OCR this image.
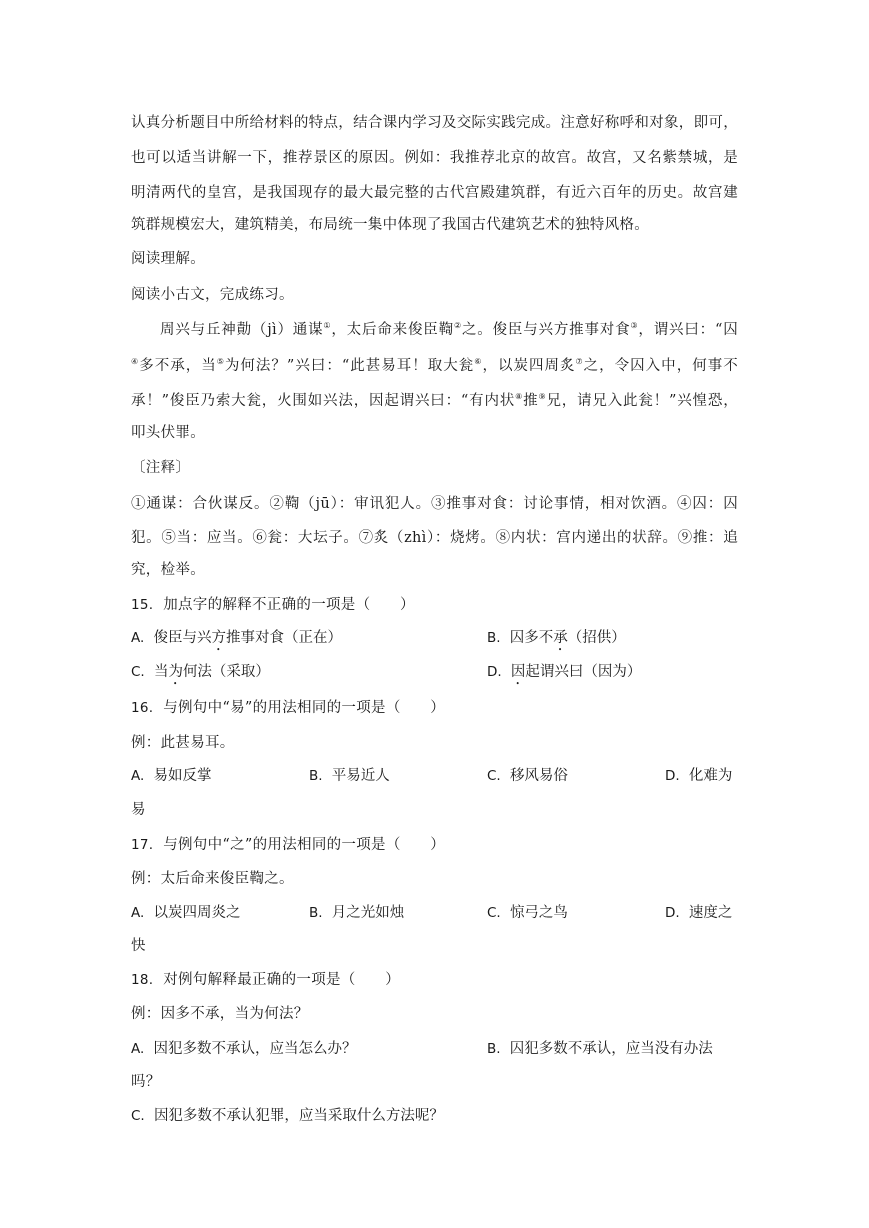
认真分析题目中所给材料的特点，结合课内学习及交际实践完成。注意好称呼和对象，即可，
也可以适当讲解一下，推荐景区的原因。例如：我推荐北京的故宫。故宫，又名紫禁城，是
明清两代的皇宫，是我国现存的最大最完整的古代宫殿建筑群，有近六百年的历史。故宫建
筑群规模宏大，建筑精美，布局统一集中体现了我国古代建筑艺术的独特风格。
阅读理解。
阅读小古文，完成练习。
周兴与丘神勣（jì）通谋①，太后命来俊臣鞫②之。俊臣与兴方推事对食③，谓兴曰：“囚
④多不承，当⑤为何法？”兴曰：“此甚易耳！取大瓮⑥，以炭四周炙⑦之，令囚入中，何事不
承！”俊臣乃索大瓮，火围如兴法，因起谓兴曰：“有内状⑧推⑨兄，请兄入此瓮！”兴惶恐，
叩头伏罪。
〔注释〕
①通谋：合伙谋反。②鞫（jū）：审讯犯人。③推事对食：讨论事情，相对饮酒。④囚：囚
犯。⑤当：应当。⑥瓮：大坛子。⑦炙（zhì）：烧烤。⑧内状：宫内递出的状辞。⑨推：追
究，检举。
15. 加点字的解释不正确的一项是（　　）
A. 俊臣与兴方推事对食（正在）	B. 囚多不承（招供）
C. 当为何法（采取）	D. 因起谓兴曰（因为）
16. 与例句中“易”的用法相同的一项是（　　）
例：此甚易耳。
A. 易如反掌	B. 平易近人	C. 移风易俗	D. 化难为
易
17. 与例句中“之”的用法相同的一项是（　　）
例：太后命来俊臣鞫之。
A. 以炭四周炎之	B. 月之光如烛	C. 惊弓之鸟	D. 速度之
快
18. 对例句解释最正确的一项是（　　）
例：因多不承，当为何法？
A. 因犯多数不承认，应当怎么办？	B. 囚犯多数不承认，应当没有办法
吗？
C. 因犯多数不承认犯罪，应当采取什么方法呢？
